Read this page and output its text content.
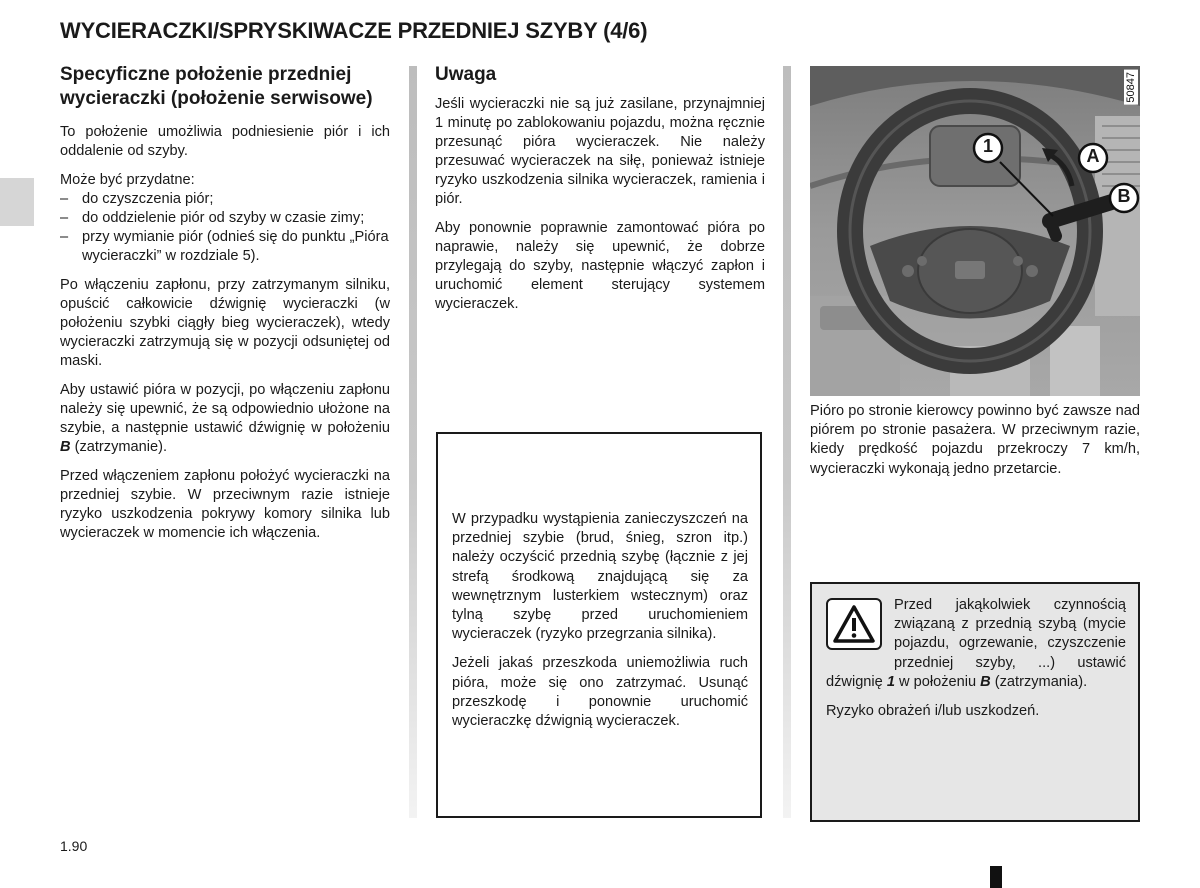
WYCIERACZKI/SPRYSKIWACZE PRZEDNIEJ SZYBY (4/6)
Specyficzne położenie przedniej wycieraczki (położenie serwisowe)

To położenie umożliwia podniesienie piór i ich oddalenie od szyby.

Może być przydatne:

– do czyszczenia piór;
– do oddzielenie piór od szyby w czasie zimy;
– przy wymianie piór (odnieś się do punktu „Pióra wycieraczki” w rozdziale 5).

Po włączeniu zapłonu, przy zatrzymanym silniku, opuścić całkowicie dźwignię wycieraczki (w położeniu szybki ciągły bieg wycieraczek), wtedy wycieraczki zatrzymują się w pozycji odsuniętej od maski.

Aby ustawić pióra w pozycji, po włączeniu zapłonu należy się upewnić, że są odpowiednio ułożone na szybie, a następnie ustawić dźwignię w położeniu B (zatrzymanie).

Przed włączeniem zapłonu położyć wycieraczki na przedniej szybie. W przeciwnym razie istnieje ryzyko uszkodzenia pokrywy komory silnika lub wycieraczek w momencie ich włączenia.

Uwaga

Jeśli wycieraczki nie są już zasilane, przynajmniej 1 minutę po zablokowaniu pojazdu, można ręcznie przesunąć pióra wycieraczek. Nie należy przesuwać wycieraczek na siłę, ponieważ istnieje ryzyko uszkodzenia silnika wycieraczek, ramienia i piór.

Aby ponownie poprawnie zamontować pióra po naprawie, należy się upewnić, że dobrze przylegają do szyby, następnie włączyć zapłon i uruchomić element sterujący systemem wycieraczek.

W przypadku wystąpienia zanieczyszczeń na przedniej szybie (brud, śnieg, szron itp.) należy oczyścić przednią szybę (łącznie z jej strefą środkową znajdującą się za wewnętrznym lusterkiem wstecznym) oraz tylną szybę przed uruchomieniem wycieraczek (ryzyko przegrzania silnika).

Jeżeli jakaś przeszkoda uniemożliwia ruch pióra, może się ono zatrzymać. Usunąć przeszkodę i ponownie uruchomić wycieraczkę dźwignią wycieraczek.

50847
1	A
B

Pióro po stronie kierowcy powinno być zawsze nad piórem po stronie pasażera. W przeciwnym razie, kiedy prędkość pojazdu przekroczy 7 km/h, wycieraczki wykonają jedno przetarcie.

Przed jakąkolwiek czynnością związaną z przednią szybą (mycie pojazdu, ogrzewanie, czyszczenie przedniej szyby, ...) ustawić dźwignię 1 w położeniu B (zatrzymania).

Ryzyko obrażeń i/lub uszkodzeń.

1.90
